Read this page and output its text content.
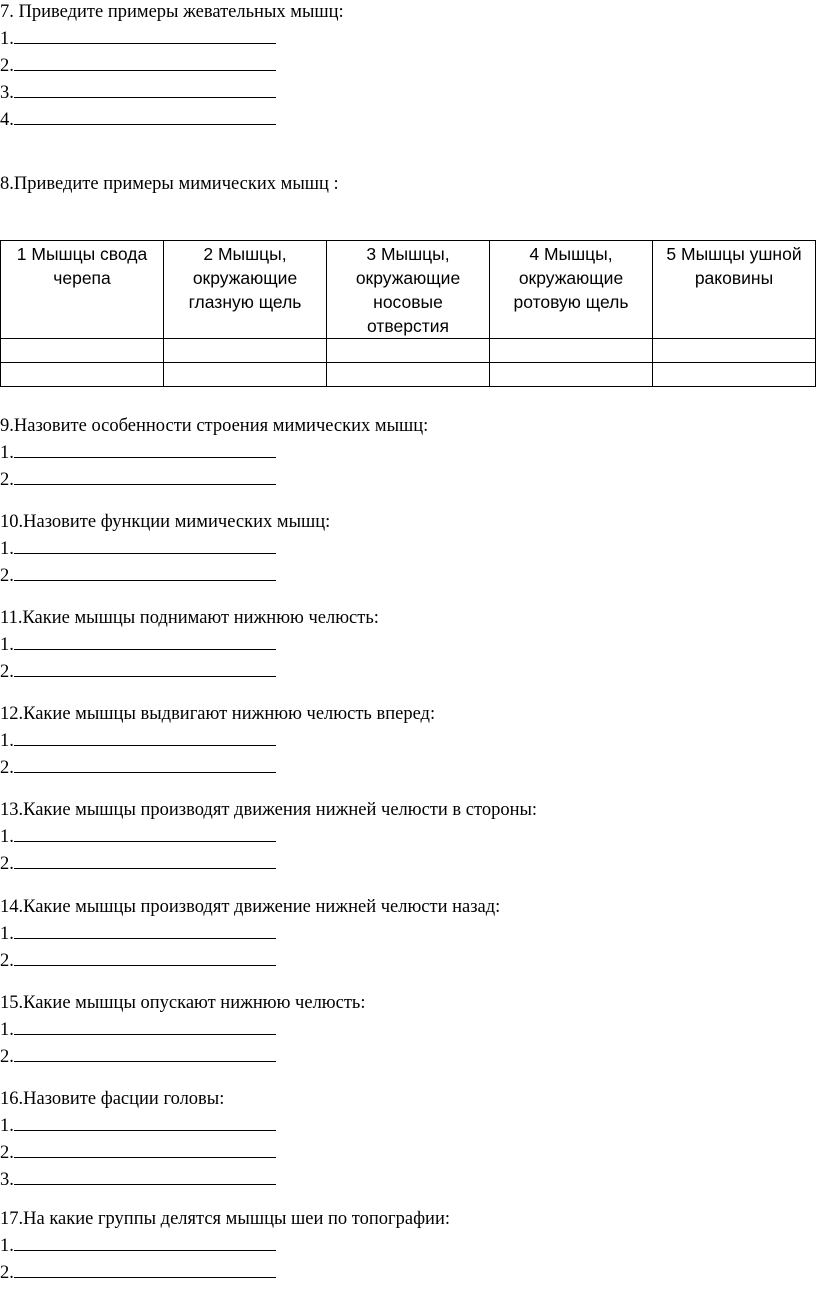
7. Приведите примеры жевательных мышц:
1.
2.
3.
4.
8.Приведите примеры мимических мышц :
1 Мышцы свода черепа	2 Мышцы, окружающие глазную щель	3 Мышцы, окружающие носовые отверстия	4 Мышцы, окружающие ротовую щель	5 Мышцы ушной раковины

9.Назовите особенности строения мимических мышц:
1.
2.
10.Назовите функции мимических мышц:
1.
2.
11.Какие мышцы поднимают нижнюю челюсть:
1.
2.
12.Какие мышцы выдвигают нижнюю челюсть вперед:
1.
2.
13.Какие мышцы производят движения нижней челюсти в стороны:
1.
2.
14.Какие мышцы производят движение нижней челюсти назад:
1.
2.
15.Какие мышцы опускают нижнюю челюсть:
1.
2.
16.Назовите фасции головы:
1.
2.
3.
17.На какие группы делятся мышцы шеи по топографии:
1.
2.
